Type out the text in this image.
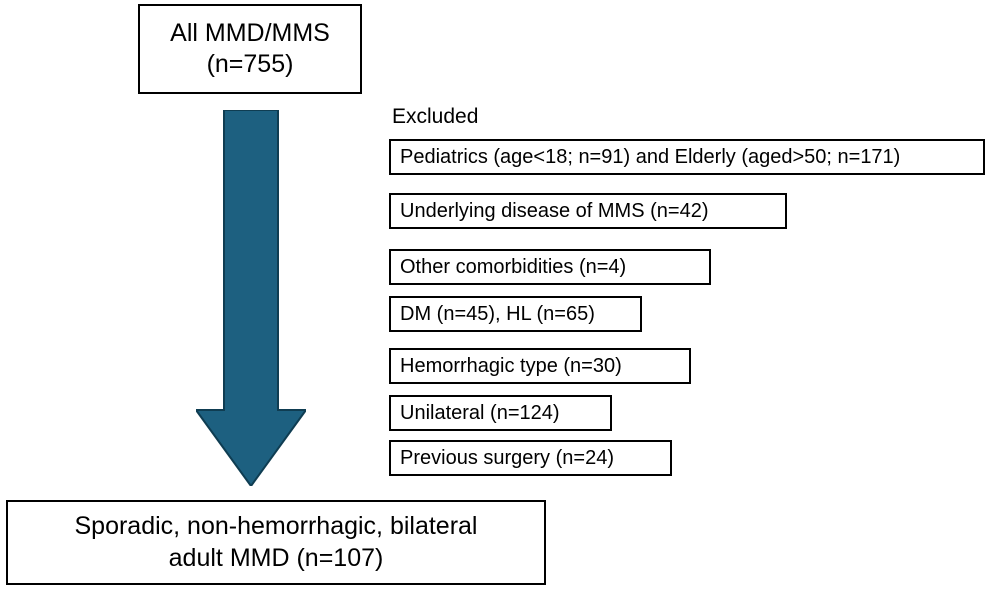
All MMD/MMS
(n=755)
Excluded
Pediatrics (age<18; n=91) and Elderly (aged>50; n=171)
Underlying disease of MMS (n=42)
Other comorbidities (n=4)
DM (n=45), HL (n=65)
Hemorrhagic type (n=30)
Unilateral (n=124)
Previous surgery (n=24)
Sporadic, non-hemorrhagic, bilateral
adult MMD (n=107)
